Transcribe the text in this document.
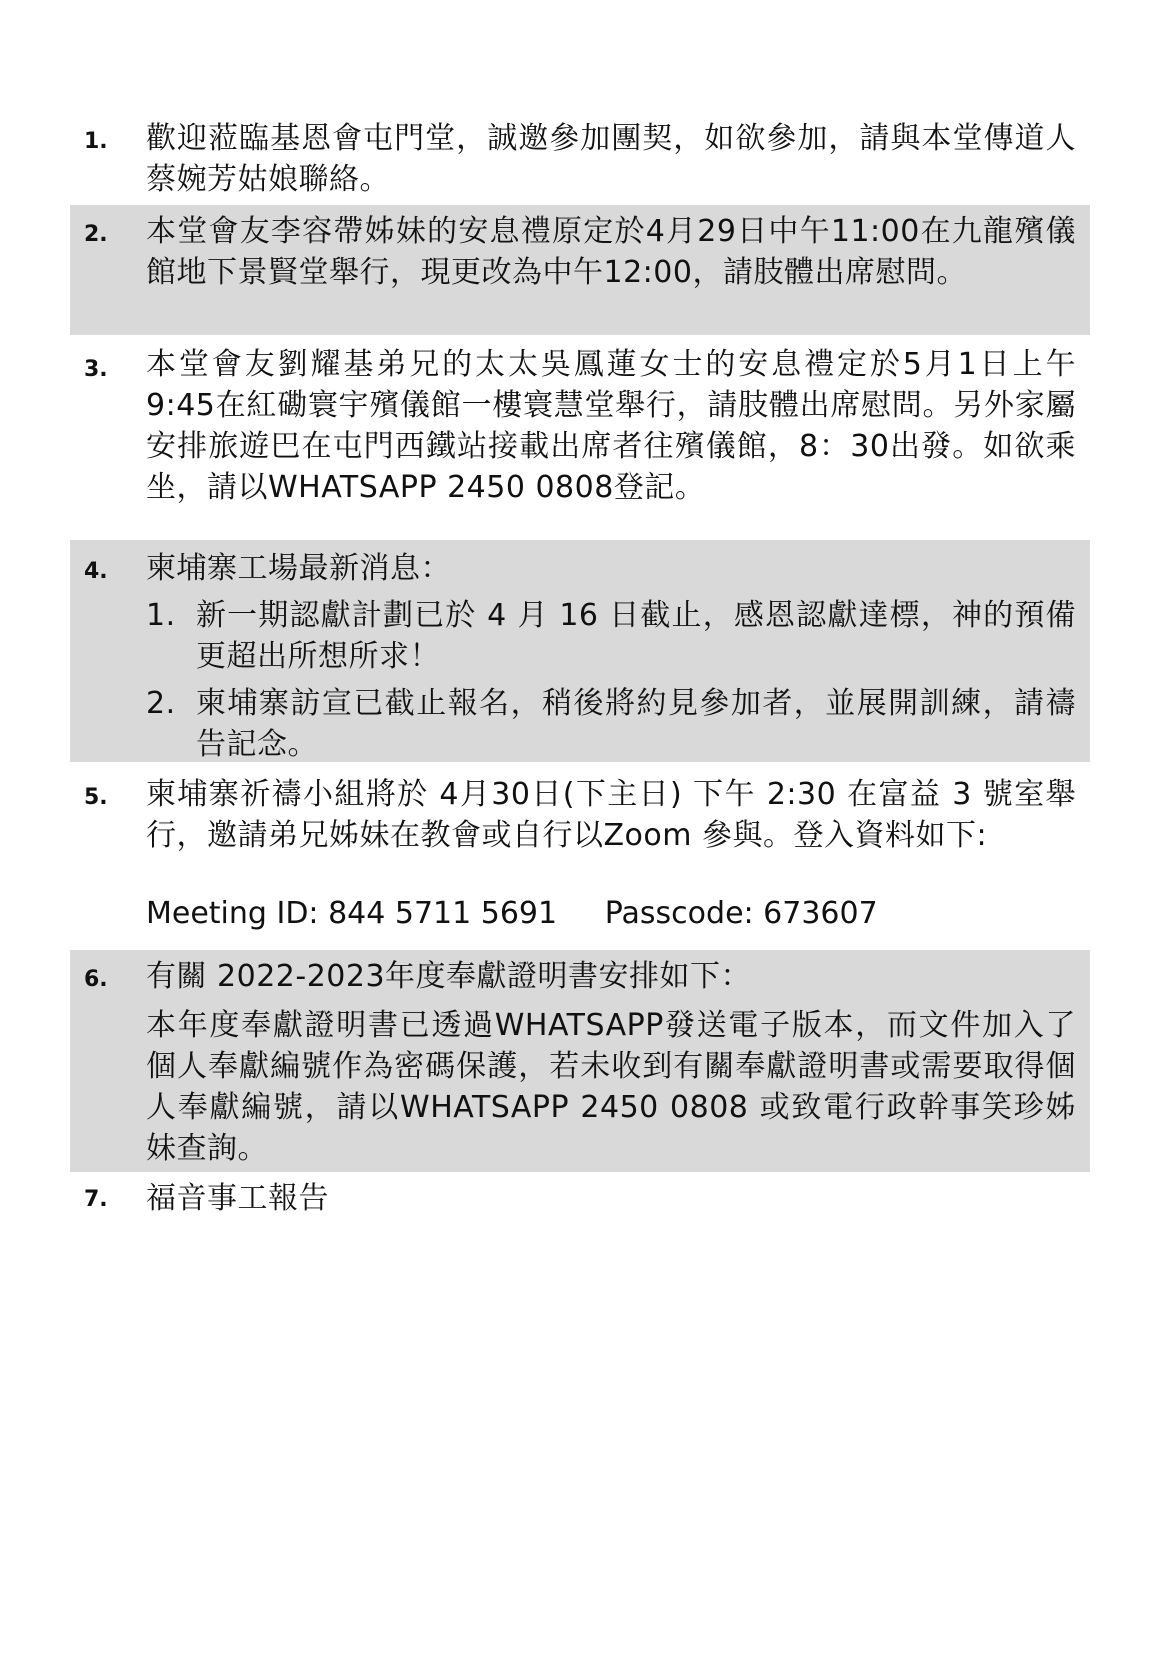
1. 歡迎蒞臨基恩會屯門堂，誠邀參加團契，如欲參加，請與本堂傳道人蔡婉芳姑娘聯絡。
2. 本堂會友李容帶姊妹的安息禮原定於4月29日中午11:00在九龍殯儀館地下景賢堂舉行，現更改為中午12:00，請肢體出席慰問。
3. 本堂會友劉耀基弟兄的太太吳鳳蓮女士的安息禮定於5月1日上午9:45在紅磡寰宇殯儀館一樓寰慧堂舉行，請肢體出席慰問。另外家屬安排旅遊巴在屯門西鐵站接載出席者往殯儀館，8：30出發。如欲乘坐，請以WHATSAPP 2450 0808登記。
4. 柬埔寨工場最新消息：
1. 新一期認獻計劃已於 4 月 16 日截止，感恩認獻達標，神的預備更超出所想所求！
2. 柬埔寨訪宣已截止報名，稍後將約見參加者，並展開訓練，請禱告記念。
5. 柬埔寨祈禱小組將於 4月30日(下主日) 下午 2:30 在富益 3 號室舉行，邀請弟兄姊妹在教會或自行以Zoom 參與。登入資料如下:
Meeting ID: 844 5711 5691     Passcode: 673607
6. 有關 2022-2023年度奉獻證明書安排如下：
本年度奉獻證明書已透過WHATSAPP發送電子版本，而文件加入了個人奉獻編號作為密碼保護，若未收到有關奉獻證明書或需要取得個人奉獻編號，請以WHATSAPP 2450 0808 或致電行政幹事笑珍姊妹查詢。
7. 福音事工報告
